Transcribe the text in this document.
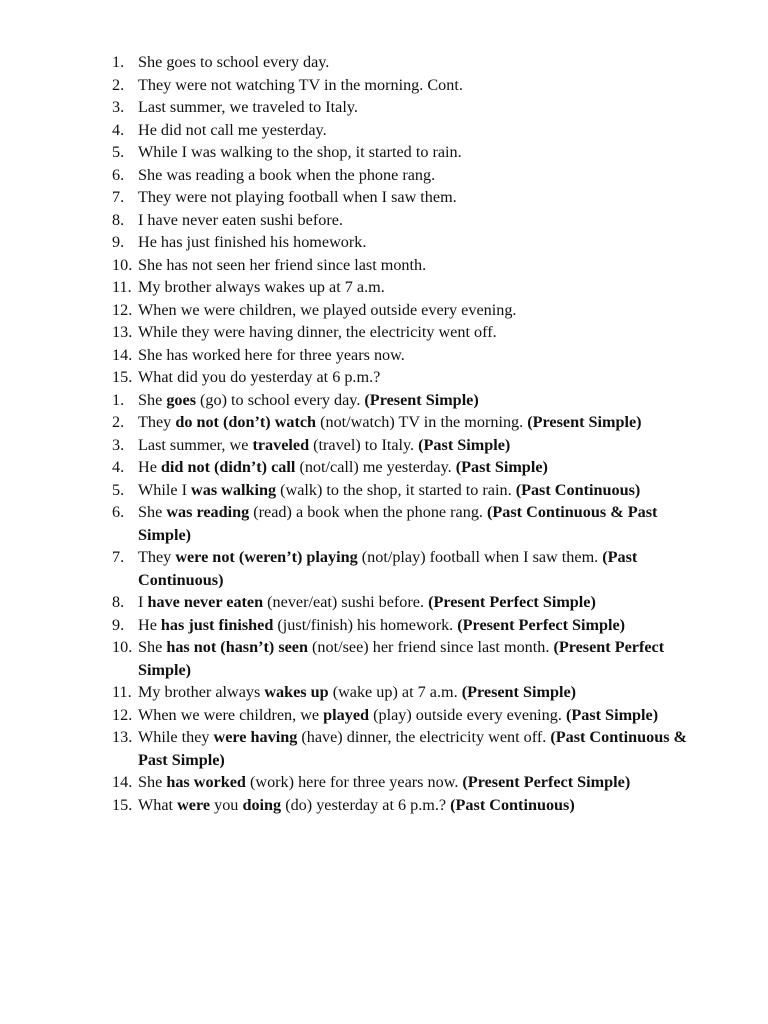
1. She goes to school every day.
2. They were not watching TV in the morning. Cont.
3. Last summer, we traveled to Italy.
4. He did not call me yesterday.
5. While I was walking to the shop, it started to rain.
6. She was reading a book when the phone rang.
7. They were not playing football when I saw them.
8. I have never eaten sushi before.
9. He has just finished his homework.
10. She has not seen her friend since last month.
11. My brother always wakes up at 7 a.m.
12. When we were children, we played outside every evening.
13. While they were having dinner, the electricity went off.
14. She has worked here for three years now.
15. What did you do yesterday at 6 p.m.?
1. She goes (go) to school every day. (Present Simple)
2. They do not (don’t) watch (not/watch) TV in the morning. (Present Simple)
3. Last summer, we traveled (travel) to Italy. (Past Simple)
4. He did not (didn’t) call (not/call) me yesterday. (Past Simple)
5. While I was walking (walk) to the shop, it started to rain. (Past Continuous)
6. She was reading (read) a book when the phone rang. (Past Continuous & Past Simple)
7. They were not (weren’t) playing (not/play) football when I saw them. (Past Continuous)
8. I have never eaten (never/eat) sushi before. (Present Perfect Simple)
9. He has just finished (just/finish) his homework. (Present Perfect Simple)
10. She has not (hasn’t) seen (not/see) her friend since last month. (Present Perfect Simple)
11. My brother always wakes up (wake up) at 7 a.m. (Present Simple)
12. When we were children, we played (play) outside every evening. (Past Simple)
13. While they were having (have) dinner, the electricity went off. (Past Continuous & Past Simple)
14. She has worked (work) here for three years now. (Present Perfect Simple)
15. What were you doing (do) yesterday at 6 p.m.? (Past Continuous)
